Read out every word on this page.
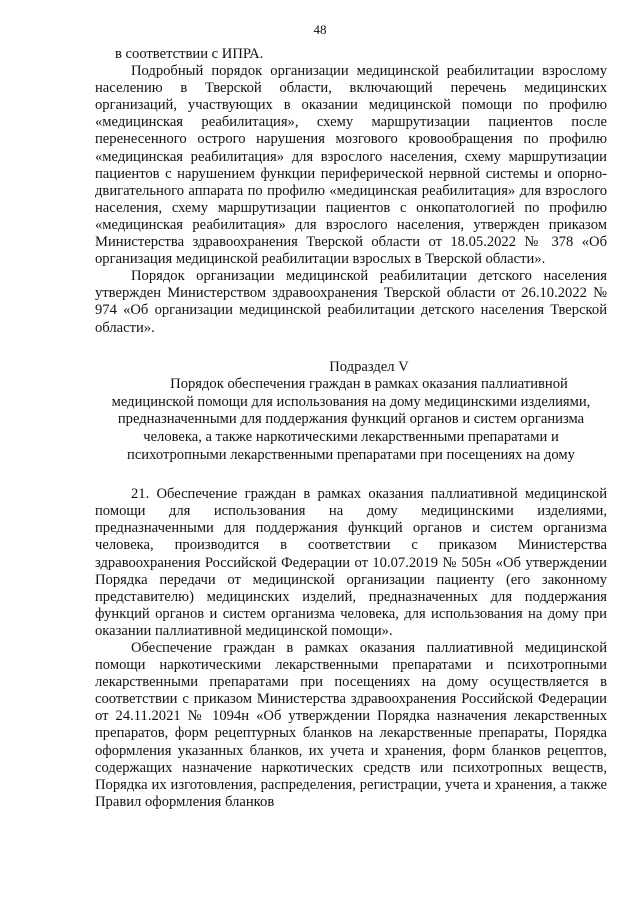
48

в соответствии с ИПРА.

Подробный порядок организации медицинской реабилитации взрослому населению в Тверской области, включающий перечень медицинских организаций, участвующих в оказании медицинской помощи по профилю «медицинская реабилитация», схему маршрутизации пациентов после перенесенного острого нарушения мозгового кровообращения по профилю «медицинская реабилитация» для взрослого населения, схему маршрутизации пациентов с нарушением функции периферической нервной системы и опорно-двигательного аппарата по профилю «медицинская реабилитация» для взрослого населения, схему маршрутизации пациентов с онкопатологией по профилю «медицинская реабилитация» для взрослого населения, утвержден приказом Министерства здравоохранения Тверской области от 18.05.2022 № 378 «Об организация медицинской реабилитации взрослых в Тверской области».

Порядок организации медицинской реабилитации детского населения утвержден Министерством здравоохранения Тверской области от 26.10.2022 № 974 «Об организации медицинской реабилитации детского населения Тверской области».

Подраздел V

Порядок обеспечения граждан в рамках оказания паллиативной медицинской помощи для использования на дому медицинскими изделиями, предназначенными для поддержания функций органов и систем организма человека, а также наркотическими лекарственными препаратами и психотропными лекарственными препаратами при посещениях на дому

21. Обеспечение граждан в рамках оказания паллиативной медицинской помощи для использования на дому медицинскими изделиями, предназначенными для поддержания функций органов и систем организма человека, производится в соответствии с приказом Министерства здравоохранения Российской Федерации от 10.07.2019 № 505н «Об утверждении Порядка передачи от медицинской организации пациенту (его законному представителю) медицинских изделий, предназначенных для поддержания функций органов и систем организма человека, для использования на дому при оказании паллиативной медицинской помощи».

Обеспечение граждан в рамках оказания паллиативной медицинской помощи наркотическими лекарственными препаратами и психотропными лекарственными препаратами при посещениях на дому осуществляется в соответствии с приказом Министерства здравоохранения Российской Федерации от 24.11.2021 № 1094н «Об утверждении Порядка назначения лекарственных препаратов, форм рецептурных бланков на лекарственные препараты, Порядка оформления указанных бланков, их учета и хранения, форм бланков рецептов, содержащих назначение наркотических средств или психотропных веществ, Порядка их изготовления, распределения, регистрации, учета и хранения, а также Правил оформления бланков
